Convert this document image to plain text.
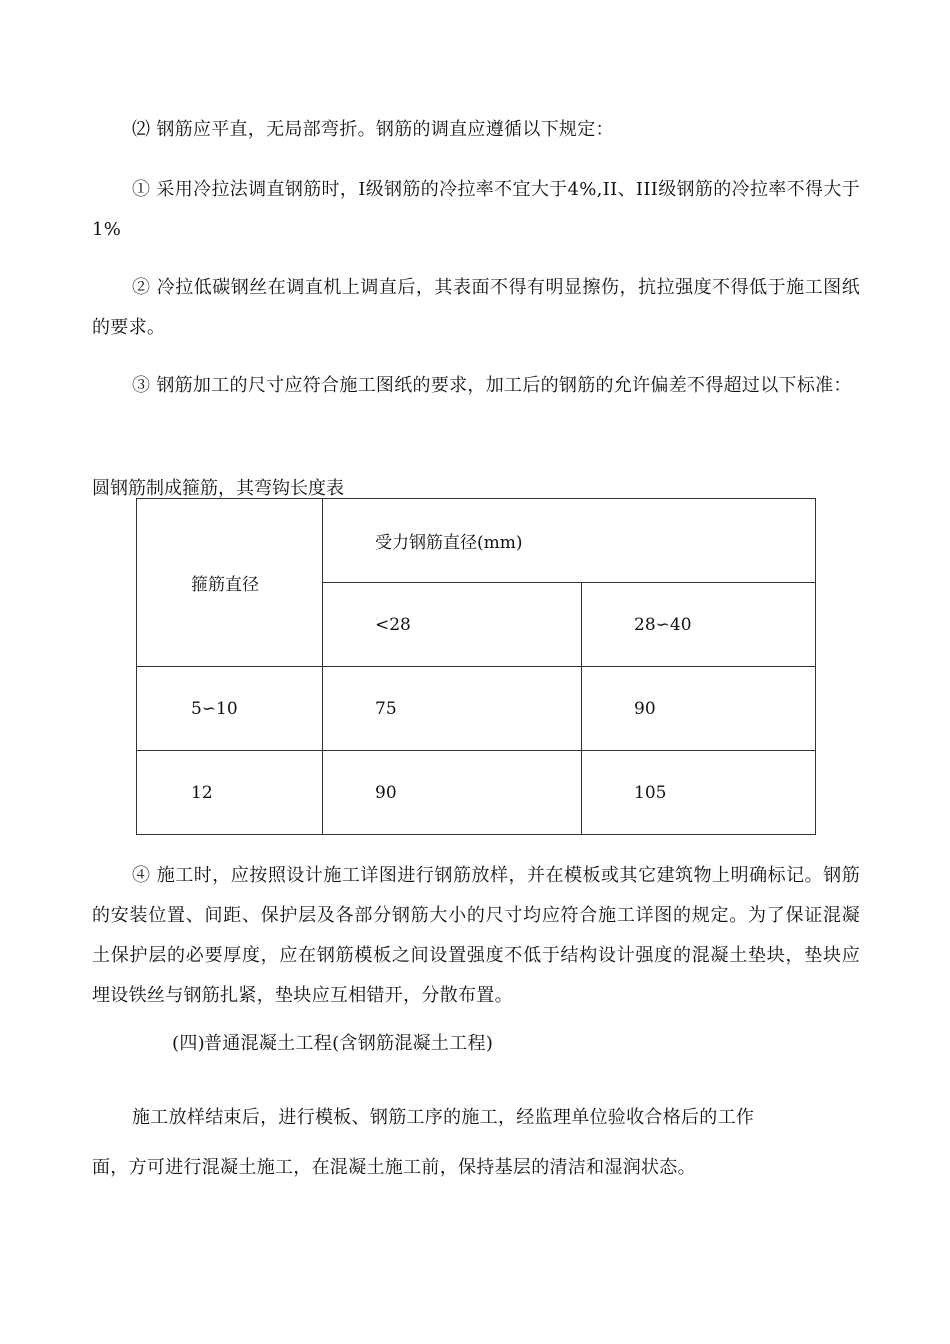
⑵ 钢筋应平直，无局部弯折。钢筋的调直应遵循以下规定：

① 采用冷拉法调直钢筋时，I级钢筋的冷拉率不宜大于4%,II、III级钢筋的冷拉率不得大于1%

② 冷拉低碳钢丝在调直机上调直后，其表面不得有明显擦伤，抗拉强度不得低于施工图纸的要求。

③ 钢筋加工的尺寸应符合施工图纸的要求，加工后的钢筋的允许偏差不得超过以下标准：

圆钢筋制成箍筋，其弯钩长度表

箍筋直径	受力钢筋直径(mm)	
	<28	28∽40
5∽10	75	90
12	90	105

④ 施工时，应按照设计施工详图进行钢筋放样，并在模板或其它建筑物上明确标记。钢筋的安装位置、间距、保护层及各部分钢筋大小的尺寸均应符合施工详图的规定。为了保证混凝土保护层的必要厚度，应在钢筋模板之间设置强度不低于结构设计强度的混凝土垫块，垫块应埋设铁丝与钢筋扎紧，垫块应互相错开，分散布置。

(四)普通混凝土工程(含钢筋混凝土工程)

施工放样结束后，进行模板、钢筋工序的施工，经监理单位验收合格后的工作

面，方可进行混凝土施工，在混凝土施工前，保持基层的清洁和湿润状态。
